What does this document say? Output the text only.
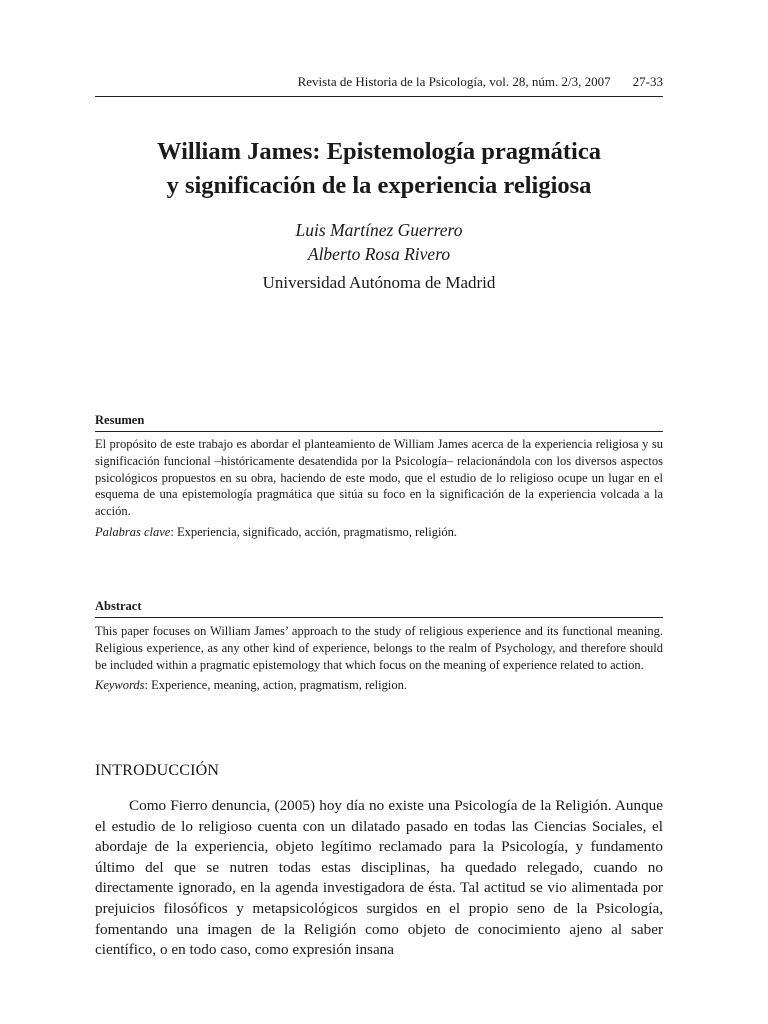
Revista de Historia de la Psicología, vol. 28, núm. 2/3, 2007 27-33
William James: Epistemología pragmática
y significación de la experiencia religiosa
Luis Martínez Guerrero
Alberto Rosa Rivero
Universidad Autónoma de Madrid
Resumen

El propósito de este trabajo es abordar el planteamiento de William James acerca de la experiencia religiosa y su significación funcional –históricamente desatendida por la Psicología– relacionándola con los diversos aspectos psicológicos propuestos en su obra, haciendo de este modo, que el estudio de lo religioso ocupe un lugar en el esquema de una epistemología pragmática que sitúa su foco en la significación de la experiencia volcada a la acción.

Palabras clave: Experiencia, significado, acción, pragmatismo, religión.

Abstract

This paper focuses on William James’ approach to the study of religious experience and its functional meaning. Religious experience, as any other kind of experience, belongs to the realm of Psychology, and therefore should be included within a pragmatic epistemology that which focus on the meaning of experience related to action.

Keywords: Experience, meaning, action, pragmatism, religion.

INTRODUCCIÓN

Como Fierro denuncia, (2005) hoy día no existe una Psicología de la Religión. Aunque el estudio de lo religioso cuenta con un dilatado pasado en todas las Ciencias Sociales, el abordaje de la experiencia, objeto legítimo reclamado para la Psicología, y fundamento último del que se nutren todas estas disciplinas, ha quedado relegado, cuando no directamente ignorado, en la agenda investigadora de ésta. Tal actitud se vio alimentada por prejuicios filosóficos y metapsicológicos surgidos en el propio seno de la Psicología, fomentando una imagen de la Religión como objeto de conocimiento ajeno al saber científico, o en todo caso, como expresión insana
